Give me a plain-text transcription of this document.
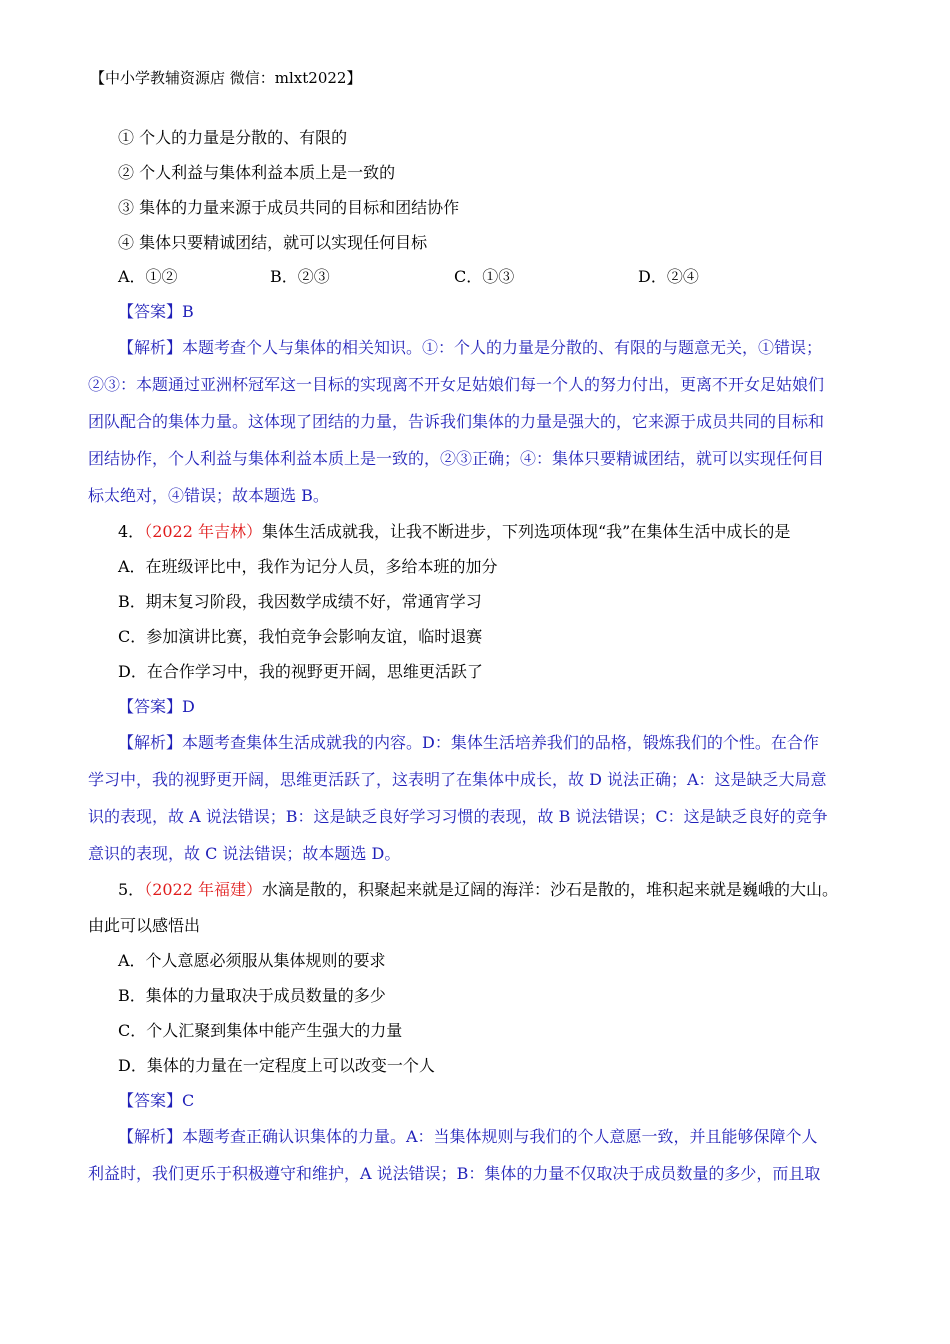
【中小学教辅资源店 微信：mlxt2022】
① 个人的力量是分散的、有限的
② 个人利益与集体利益本质上是一致的
③ 集体的力量来源于成员共同的目标和团结协作
④ 集体只要精诚团结，就可以实现任何目标
A．①②	B．②③	C．①③	D．②④
【答案】B
【解析】本题考查个人与集体的相关知识。①：个人的力量是分散的、有限的与题意无关，①错误；
②③：本题通过亚洲杯冠军这一目标的实现离不开女足姑娘们每一个人的努力付出，更离不开女足姑娘们
团队配合的集体力量。这体现了团结的力量，告诉我们集体的力量是强大的，它来源于成员共同的目标和
团结协作，个人利益与集体利益本质上是一致的，②③正确；④：集体只要精诚团结，就可以实现任何目
标太绝对，④错误；故本题选 B。
4．（2022 年吉林）集体生活成就我，让我不断进步，下列选项体现“我”在集体生活中成长的是
A．在班级评比中，我作为记分人员，多给本班的加分
B．期末复习阶段，我因数学成绩不好，常通宵学习
C．参加演讲比赛，我怕竞争会影响友谊，临时退赛
D．在合作学习中，我的视野更开阔，思维更活跃了
【答案】D
【解析】本题考查集体生活成就我的内容。D：集体生活培养我们的品格，锻炼我们的个性。在合作
学习中，我的视野更开阔，思维更活跃了，这表明了在集体中成长，故 D 说法正确；A：这是缺乏大局意
识的表现，故 A 说法错误；B：这是缺乏良好学习习惯的表现，故 B 说法错误；C：这是缺乏良好的竞争
意识的表现，故 C 说法错误；故本题选 D。
5．（2022 年福建）水滴是散的，积聚起来就是辽阔的海洋：沙石是散的，堆积起来就是巍峨的大山。
由此可以感悟出
A．个人意愿必须服从集体规则的要求
B．集体的力量取决于成员数量的多少
C．个人汇聚到集体中能产生强大的力量
D．集体的力量在一定程度上可以改变一个人
【答案】C
【解析】本题考查正确认识集体的力量。A：当集体规则与我们的个人意愿一致，并且能够保障个人
利益时，我们更乐于积极遵守和维护，A 说法错误；B：集体的力量不仅取决于成员数量的多少，而且取
